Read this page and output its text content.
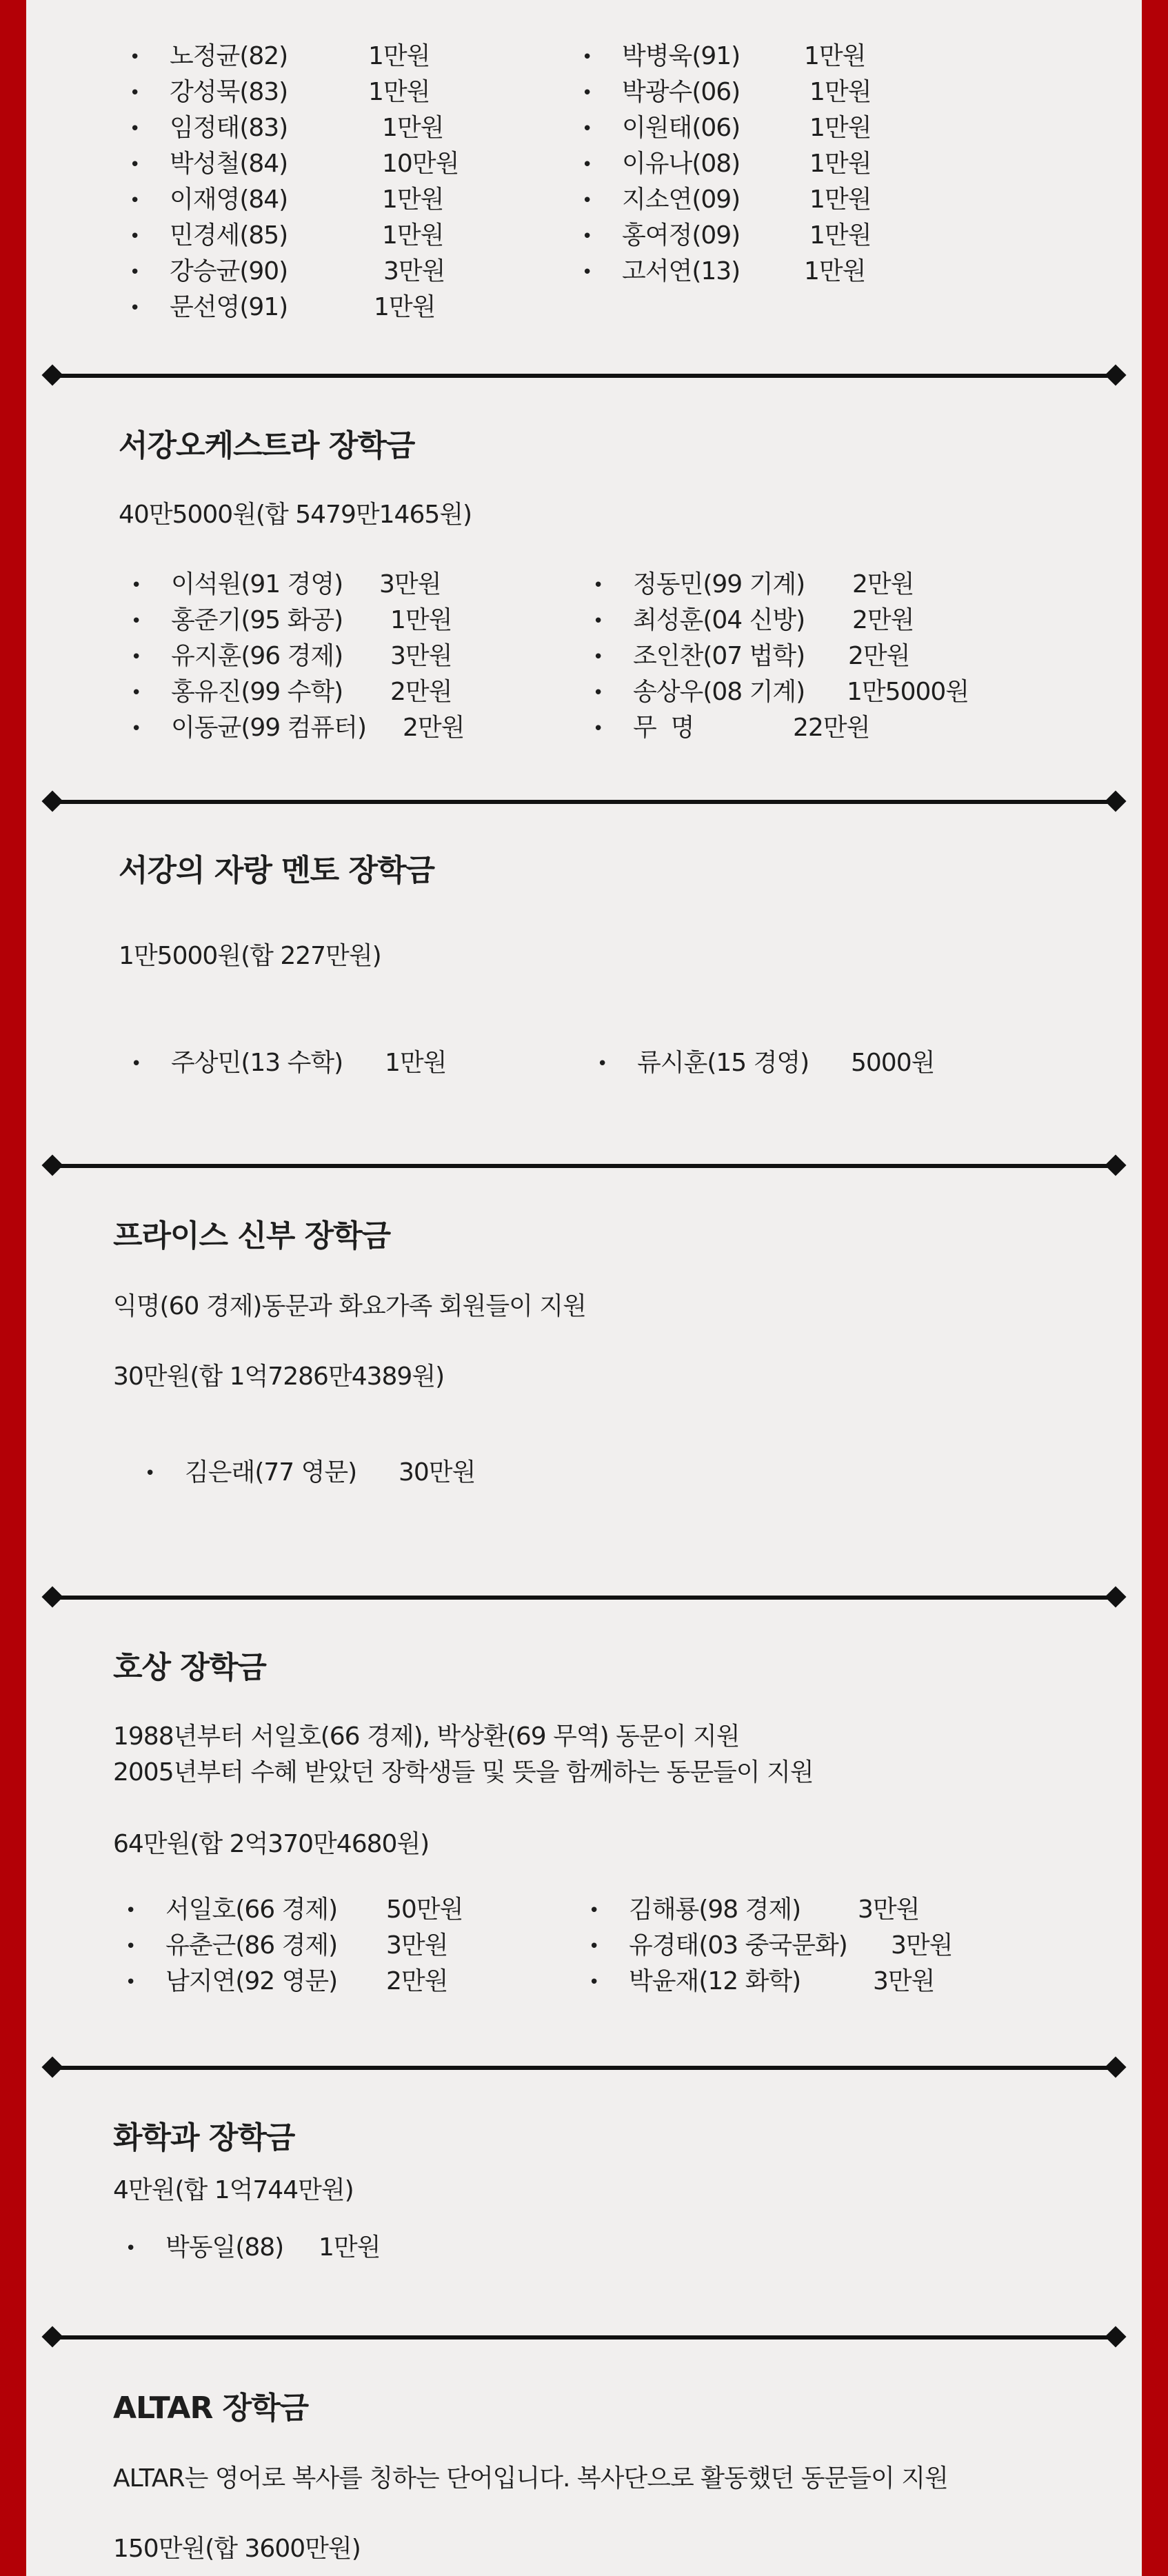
• 노정균(82)	1만원
• 강성묵(83)	1만원
• 임정태(83)	1만원
• 박성철(84)	10만원
• 이재영(84)	1만원
• 민경세(85)	1만원
• 강승균(90)	3만원
• 문선영(91)	1만원
• 박병욱(91)	1만원
• 박광수(06)	1만원
• 이원태(06)	1만원
• 이유나(08)	1만원
• 지소연(09)	1만원
• 홍여정(09)	1만원
• 고서연(13)	1만원
서강오케스트라 장학금
40만5000원(합 5479만1465원)
• 이석원(91 경영) 3만원
• 홍준기(95 화공) 1만원
• 유지훈(96 경제) 3만원
• 홍유진(99 수학) 2만원
• 이동균(99 컴퓨터) 2만원
• 정동민(99 기계) 2만원
• 최성훈(04 신방) 2만원
• 조인찬(07 법학) 2만원
• 송상우(08 기계) 1만5000원
• 무  명	22만원
서강의 자랑 멘토 장학금
1만5000원(합 227만원)
• 주상민(13 수학) 1만원	• 류시훈(15 경영) 5000원
프라이스 신부 장학금
익명(60 경제)동문과 화요가족 회원들이 지원
30만원(합 1억7286만4389원)
• 김은래(77 영문) 30만원
호상 장학금
1988년부터 서일호(66 경제), 박상환(69 무역) 동문이 지원
2005년부터 수혜 받았던 장학생들 및 뜻을 함께하는 동문들이 지원
64만원(합 2억370만4680원)
• 서일호(66 경제) 50만원
• 유춘근(86 경제) 3만원
• 남지연(92 영문) 2만원
• 김해룡(98 경제) 3만원
• 유경태(03 중국문화) 3만원
• 박윤재(12 화학)	3만원
화학과 장학금
4만원(합 1억744만원)
• 박동일(88) 1만원
ALTAR 장학금
ALTAR는 영어로 복사를 칭하는 단어입니다. 복사단으로 활동했던 동문들이 지원
150만원(합 3600만원)
